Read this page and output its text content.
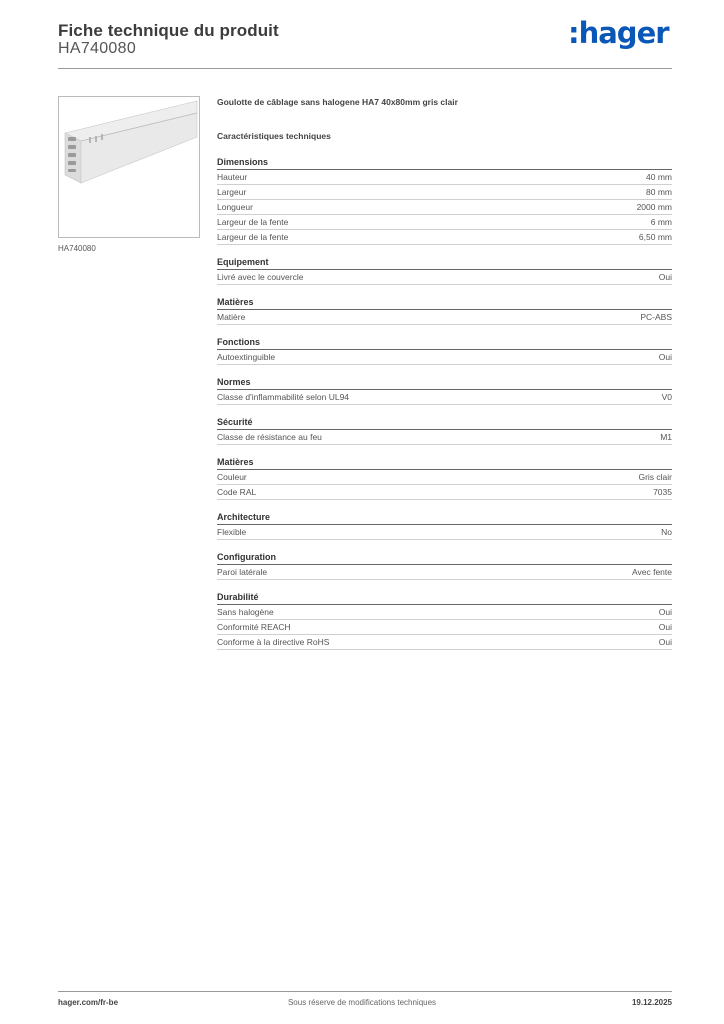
Fiche technique du produit
HA740080	:hager
HA740080
Goulotte de câblage sans halogene HA7 40x80mm gris clair
Caractéristiques techniques
Dimensions
Hauteur	40 mm
Largeur	80 mm
Longueur	2000 mm
Largeur de la fente	6 mm
Largeur de la fente	6,50 mm
Equipement
Livré avec le couvercle	Oui
Matières
Matière	PC-ABS
Fonctions
Autoextinguible	Oui
Normes
Classe d'inflammabilité selon UL94	V0
Sécurité
Classe de résistance au feu	M1
Matières
Couleur	Gris clair
Code RAL	7035
Architecture
Flexible	No
Configuration
Paroi latérale	Avec fente
Durabilité
Sans halogène	Oui
Conformité REACH	Oui
Conforme à la directive RoHS	Oui
hager.com/fr-be	Sous réserve de modifications techniques	19.12.2025
